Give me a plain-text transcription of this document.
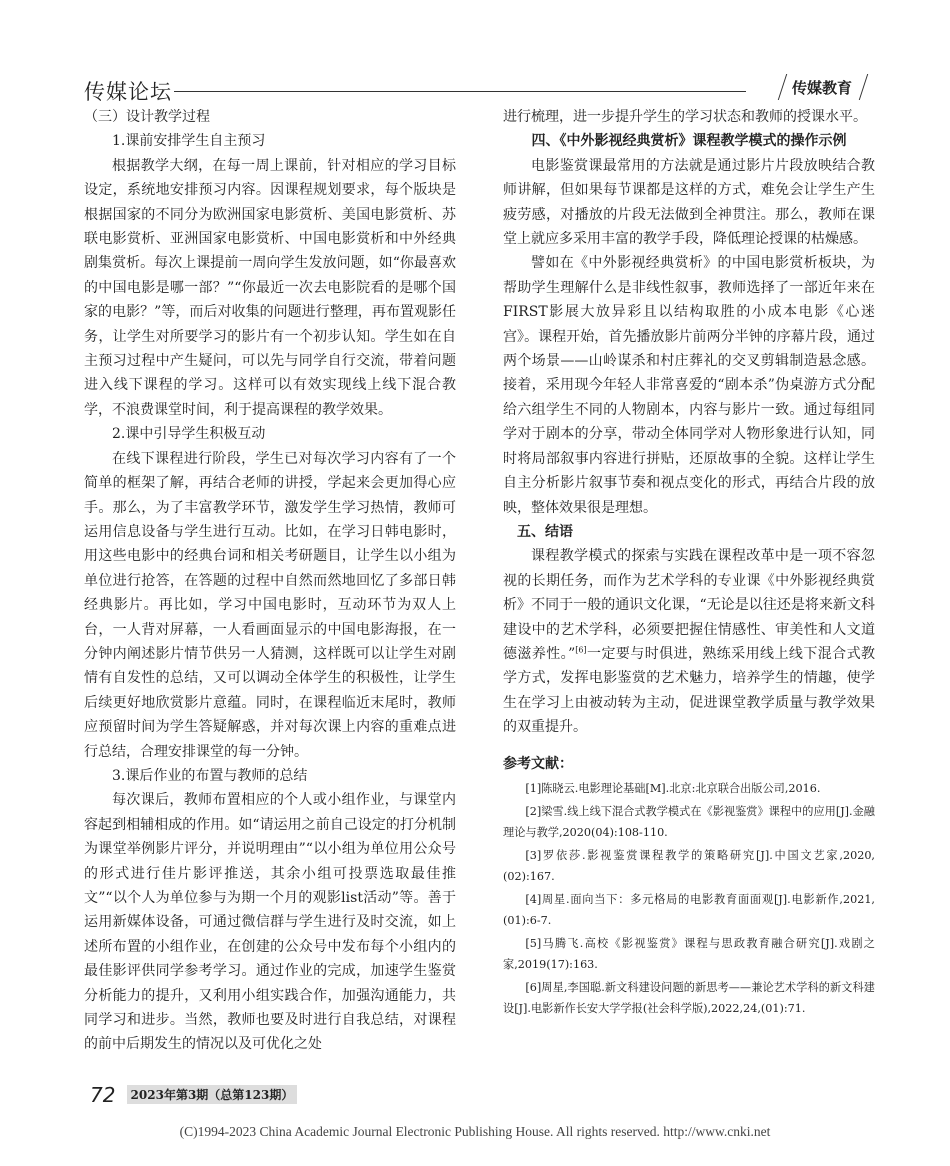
传媒论坛	传媒教育

（三）设计教学过程

1.课前安排学生自主预习

根据教学大纲，在每一周上课前，针对相应的学习目标设定，系统地安排预习内容。因课程规划要求，每个版块是根据国家的不同分为欧洲国家电影赏析、美国电影赏析、苏联电影赏析、亚洲国家电影赏析、中国电影赏析和中外经典剧集赏析。每次上课提前一周向学生发放问题，如“你最喜欢的中国电影是哪一部？”“你最近一次去电影院看的是哪个国家的电影？”等，而后对收集的问题进行整理，再布置观影任务，让学生对所要学习的影片有一个初步认知。学生如在自主预习过程中产生疑问，可以先与同学自行交流，带着问题进入线下课程的学习。这样可以有效实现线上线下混合教学，不浪费课堂时间，利于提高课程的教学效果。

2.课中引导学生积极互动

在线下课程进行阶段，学生已对每次学习内容有了一个简单的框架了解，再结合老师的讲授，学起来会更加得心应手。那么，为了丰富教学环节，激发学生学习热情，教师可运用信息设备与学生进行互动。比如，在学习日韩电影时，用这些电影中的经典台词和相关考研题目，让学生以小组为单位进行抢答，在答题的过程中自然而然地回忆了多部日韩经典影片。再比如，学习中国电影时，互动环节为双人上台，一人背对屏幕，一人看画面显示的中国电影海报，在一分钟内阐述影片情节供另一人猜测，这样既可以让学生对剧情有自发性的总结，又可以调动全体学生的积极性，让学生后续更好地欣赏影片意蕴。同时，在课程临近末尾时，教师应预留时间为学生答疑解惑，并对每次课上内容的重难点进行总结，合理安排课堂的每一分钟。

3.课后作业的布置与教师的总结

每次课后，教师布置相应的个人或小组作业，与课堂内容起到相辅相成的作用。如“请运用之前自己设定的打分机制为课堂举例影片评分，并说明理由”“以小组为单位用公众号的形式进行佳片影评推送，其余小组可投票选取最佳推文”“以个人为单位参与为期一个月的观影list活动”等。善于运用新媒体设备，可通过微信群与学生进行及时交流，如上述所布置的小组作业，在创建的公众号中发布每个小组内的最佳影评供同学参考学习。通过作业的完成，加速学生鉴赏分析能力的提升，又利用小组实践合作，加强沟通能力，共同学习和进步。当然，教师也要及时进行自我总结，对课程的前中后期发生的情况以及可优化之处

进行梳理，进一步提升学生的学习状态和教师的授课水平。

四、《中外影视经典赏析》课程教学模式的操作示例

电影鉴赏课最常用的方法就是通过影片片段放映结合教师讲解，但如果每节课都是这样的方式，难免会让学生产生疲劳感，对播放的片段无法做到全神贯注。那么，教师在课堂上就应多采用丰富的教学手段，降低理论授课的枯燥感。

譬如在《中外影视经典赏析》的中国电影赏析板块，为帮助学生理解什么是非线性叙事，教师选择了一部近年来在FIRST影展大放异彩且以结构取胜的小成本电影《心迷宫》。课程开始，首先播放影片前两分半钟的序幕片段，通过两个场景——山岭谋杀和村庄葬礼的交叉剪辑制造悬念感。接着，采用现今年轻人非常喜爱的“剧本杀”伪桌游方式分配给六组学生不同的人物剧本，内容与影片一致。通过每组同学对于剧本的分享，带动全体同学对人物形象进行认知，同时将局部叙事内容进行拼贴，还原故事的全貌。这样让学生自主分析影片叙事节奏和视点变化的形式，再结合片段的放映，整体效果很是理想。

五、结语

课程教学模式的探索与实践在课程改革中是一项不容忽视的长期任务，而作为艺术学科的专业课《中外影视经典赏析》不同于一般的通识文化课，“无论是以往还是将来新文科建设中的艺术学科，必须要把握住情感性、审美性和人文道德滋养性。”[6]一定要与时俱进，熟练采用线上线下混合式教学方式，发挥电影鉴赏的艺术魅力，培养学生的情趣，使学生在学习上由被动转为主动，促进课堂教学质量与教学效果的双重提升。

参考文献：

[1]陈晓云.电影理论基础[M].北京:北京联合出版公司,2016.

[2]梁雪.线上线下混合式教学模式在《影视鉴赏》课程中的应用[J].金融理论与教学,2020(04):108-110.

[3]罗依莎.影视鉴赏课程教学的策略研究[J].中国文艺家,2020,(02):167.

[4]周星.面向当下：多元格局的电影教育面面观[J].电影新作,2021,(01):6-7.

[5]马腾飞.高校《影视鉴赏》课程与思政教育融合研究[J].戏剧之家,2019(17):163.

[6]周星,李国聪.新文科建设问题的新思考——兼论艺术学科的新文科建设[J].电影新作长安大学学报(社会科学版),2022,24,(01):71.

72 2023年第3期（总第123期）
(C)1994-2023 China Academic Journal Electronic Publishing House. All rights reserved. http://www.cnki.net
